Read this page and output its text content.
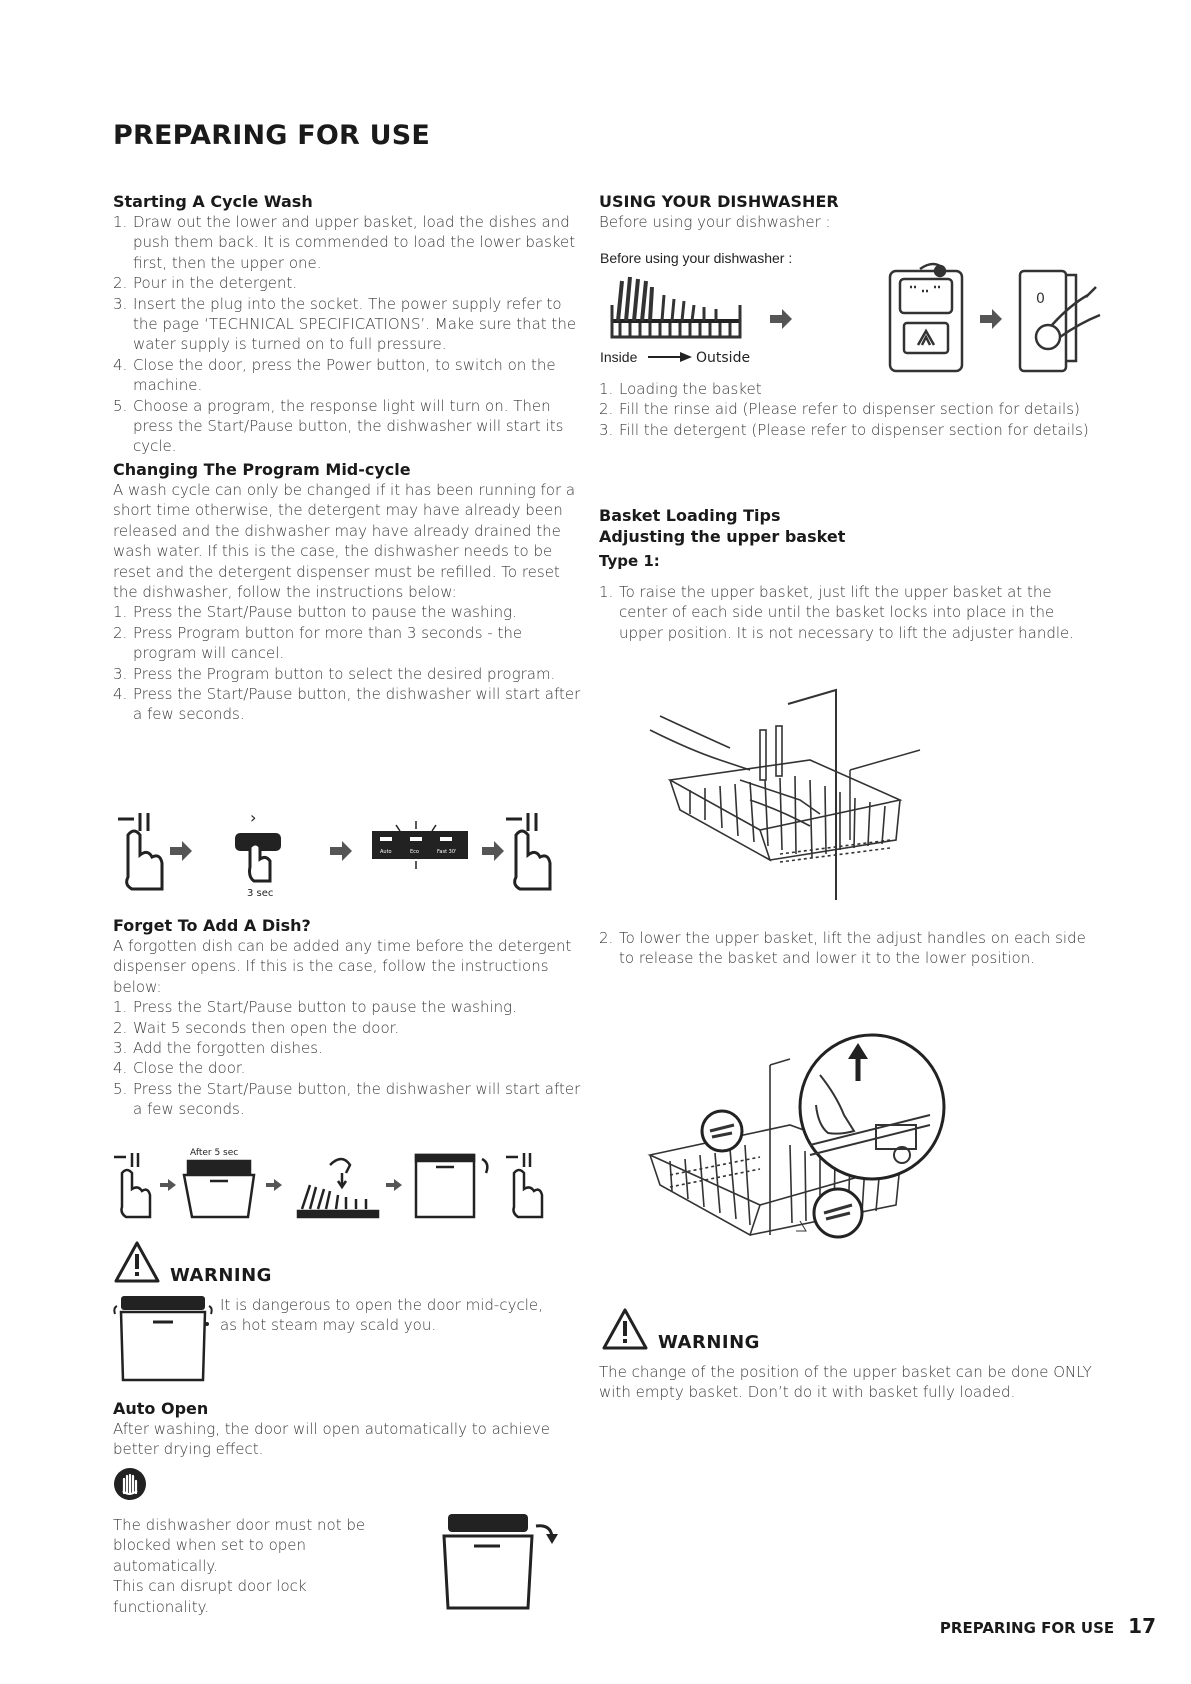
PREPARING FOR USE
Starting A Cycle Wash
1. Draw out the lower and upper basket, load the dishes and push them back. It is commended to load the lower basket first, then the upper one.
2. Pour in the detergent.
3. Insert the plug into the socket. The power supply refer to the page ‘TECHNICAL SPECIFICATIONS’. Make sure that the water supply is turned on to full pressure.
4. Close the door, press the Power button, to switch on the machine.
5. Choose a program, the response light will turn on. Then press the Start/Pause button, the dishwasher will start its cycle.
Changing The Program Mid-cycle

A wash cycle can only be changed if it has been running for a short time otherwise, the detergent may have already been released and the dishwasher may have already drained the wash water. If this is the case, the dishwasher needs to be reset and the detergent dispenser must be refilled. To reset the dishwasher, follow the instructions below:

1. Press the Start/Pause button to pause the washing.
2. Press Program button for more than 3 seconds - the program will cancel.
3. Press the Program button to select the desired program.
4. Press the Start/Pause button, the dishwasher will start after a few seconds.
›
3 sec
Auto	Eco	Fast 30'
Forget To Add A Dish?

A forgotten dish can be added any time before the detergent dispenser opens. If this is the case, follow the instructions below:

1. Press the Start/Pause button to pause the washing.
2. Wait 5 seconds then open the door.
3. Add the forgotten dishes.
4. Close the door.
5. Press the Start/Pause button, the dishwasher will start after a few seconds.
After 5 sec
WARNING
It is dangerous to open the door mid-cycle, as hot steam may scald you.
Auto Open

After washing, the door will open automatically to achieve better drying effect.

The dishwasher door must not be blocked when set to open automatically.

This can disrupt door lock functionality.

USING YOUR DISHWASHER

Before using your dishwasher :

Before using your dishwasher :
Inside	Outside
0
1. Loading the basket
2. Fill the rinse aid (Please refer to dispenser section for details)
3. Fill the detergent (Please refer to dispenser section for details)
Basket Loading Tips
Adjusting the upper basket
Type 1:
1. To raise the upper basket, just lift the upper basket at the center of each side until the basket locks into place in the upper position. It is not necessary to lift the adjuster handle.
2. To lower the upper basket, lift the adjust handles on each side to release the basket and lower it to the lower position.
WARNING
The change of the position of the upper basket can be done ONLY with empty basket. Don’t do it with basket fully loaded.
PREPARING FOR USE 17
